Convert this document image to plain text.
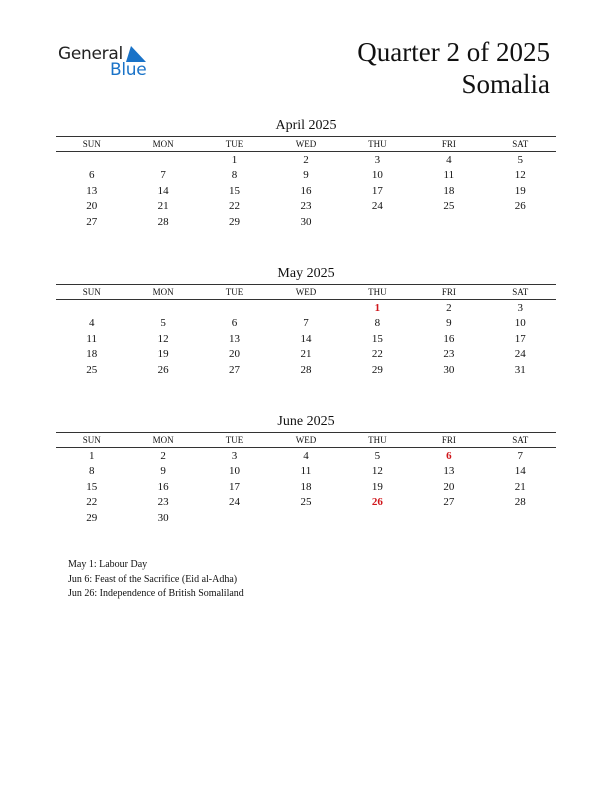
General
Blue
Quarter 2 of 2025
Somalia
April 2025
SUN	MON	TUE	WED	THU	FRI	SAT
		1	2	3	4	5
6	7	8	9	10	11	12
13	14	15	16	17	18	19
20	21	22	23	24	25	26
27	28	29	30			
May 2025
SUN	MON	TUE	WED	THU	FRI	SAT
				1	2	3
4	5	6	7	8	9	10
11	12	13	14	15	16	17
18	19	20	21	22	23	24
25	26	27	28	29	30	31
June 2025
SUN	MON	TUE	WED	THU	FRI	SAT
1	2	3	4	5	6	7
8	9	10	11	12	13	14
15	16	17	18	19	20	21
22	23	24	25	26	27	28
29	30					
May 1: Labour Day
Jun 6: Feast of the Sacrifice (Eid al-Adha)
Jun 26: Independence of British Somaliland
